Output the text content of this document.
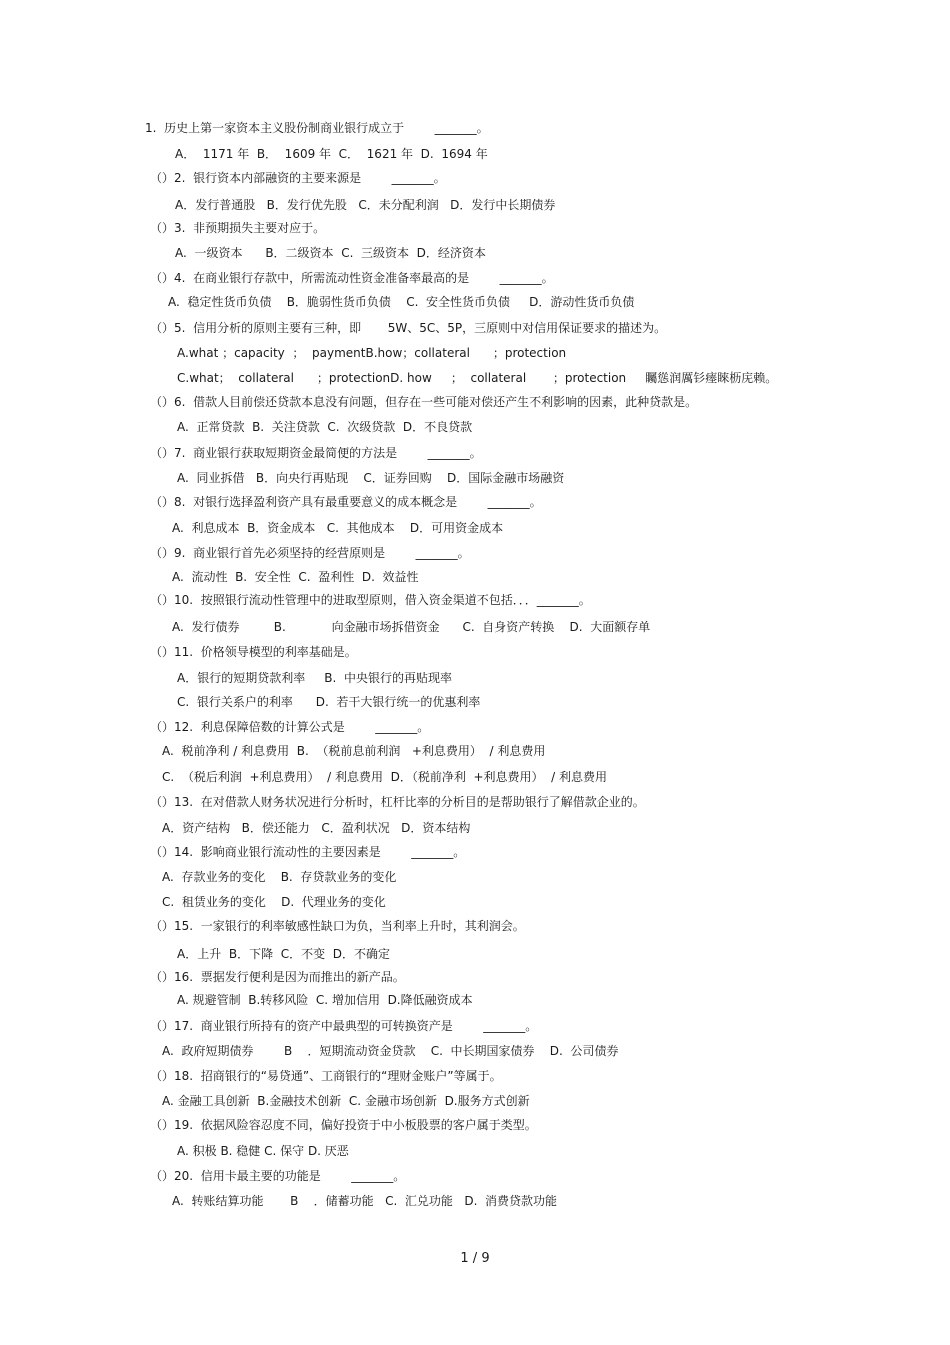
1.  历史上第一家资本主义股份制商业银行成立于        _______。
A．  1171 年  B．  1609 年  C．  1621 年  D.  1694 年
（）2.  银行资本内部融资的主要来源是        _______。
A．发行普通股   B．发行优先股   C．未分配利润   D．发行中长期债券
（）3.  非预期损失主要对应于。
A.  一级资本      B．二级资本  C.  三级资本  D．经济资本
（）4.  在商业银行存款中，所需流动性资金准备率最高的是        _______。
A.  稳定性货币负债    B．脆弱性货币负债    C.  安全性货币负债     D．游动性货币负债
（）5.  信用分析的原则主要有三种，即       5W、5C、5P，三原则中对信用保证要求的描述为。
A.what ；capacity  ；  paymentB.how；collateral      ；protection
C.what；  collateral      ；protectionD. how     ；  collateral       ；protection     矚慫润厲钐瘗睞枥庑赖。
（）6.  借款人目前偿还贷款本息没有问题，但存在一些可能对偿还产生不利影响的因素，此种贷款是。
A.  正常贷款  B.  关注贷款  C.  次级贷款  D．不良贷款
（）7.  商业银行获取短期资金最简便的方法是        _______。
A.  同业拆借   B．向央行再贴现    C．证券回购    D．国际金融市场融资
（）8.  对银行选择盈利资产具有最重要意义的成本概念是        _______。
A.  利息成本  B．资金成本   C.  其他成本    D．可用资金成本
（）9.  商业银行首先必须坚持的经营原则是        _______。
A.  流动性  B.  安全性  C.  盈利性  D.  效益性
（）10.  按照银行流动性管理中的进取型原则，借入资金渠道不包括．．．_______。
A.  发行债券         B.            向金融市场拆借资金      C.  自身资产转换    D.  大面额存单
（）11.  价格领导模型的利率基础是。
A．银行的短期贷款利率     B.  中央银行的再贴现率
C.  银行关系户的利率      D.  若干大银行统一的优惠利率
（）12.  利息保障倍数的计算公式是        _______。
A.  税前净利 / 利息费用  B.  （税前息前利润   +利息费用）  / 利息费用
C.  （税后利润  +利息费用）  / 利息费用  D．（税前净利  +利息费用）  / 利息费用
（）13.  在对借款人财务状况进行分析时，杠杆比率的分析目的是帮助银行了解借款企业的。
A．资产结构   B．偿还能力   C．盈利状况   D．资本结构
（）14.  影响商业银行流动性的主要因素是        _______。
A.  存款业务的变化    B.  存贷款业务的变化
C.  租赁业务的变化    D.  代理业务的变化
（）15.  一家银行的利率敏感性缺口为负，当利率上升时，其利润会。
A．上升  B．下降  C．不变  D．不确定
（）16.  票据发行便利是因为而推出的新产品。
A. 规避管制  B.转移风险  C. 增加信用  D.降低融资成本
（）17.  商业银行所持有的资产中最典型的可转换资产是        _______。
A.  政府短期债券        B    ．短期流动资金贷款    C.  中长期国家债券    D.  公司债券
（）18.  招商银行的“易贷通”、工商银行的“理财金账户”等属于。
A. 金融工具创新  B.金融技术创新  C. 金融市场创新  D.服务方式创新
（）19.  依据风险容忍度不同，偏好投资于中小板股票的客户属于类型。
A. 积极 B. 稳健 C. 保守 D. 厌恶
（）20.  信用卡最主要的功能是        _______。
A.  转账结算功能       B    ．储蓄功能   C.  汇兑功能   D.  消费贷款功能
1 / 9
